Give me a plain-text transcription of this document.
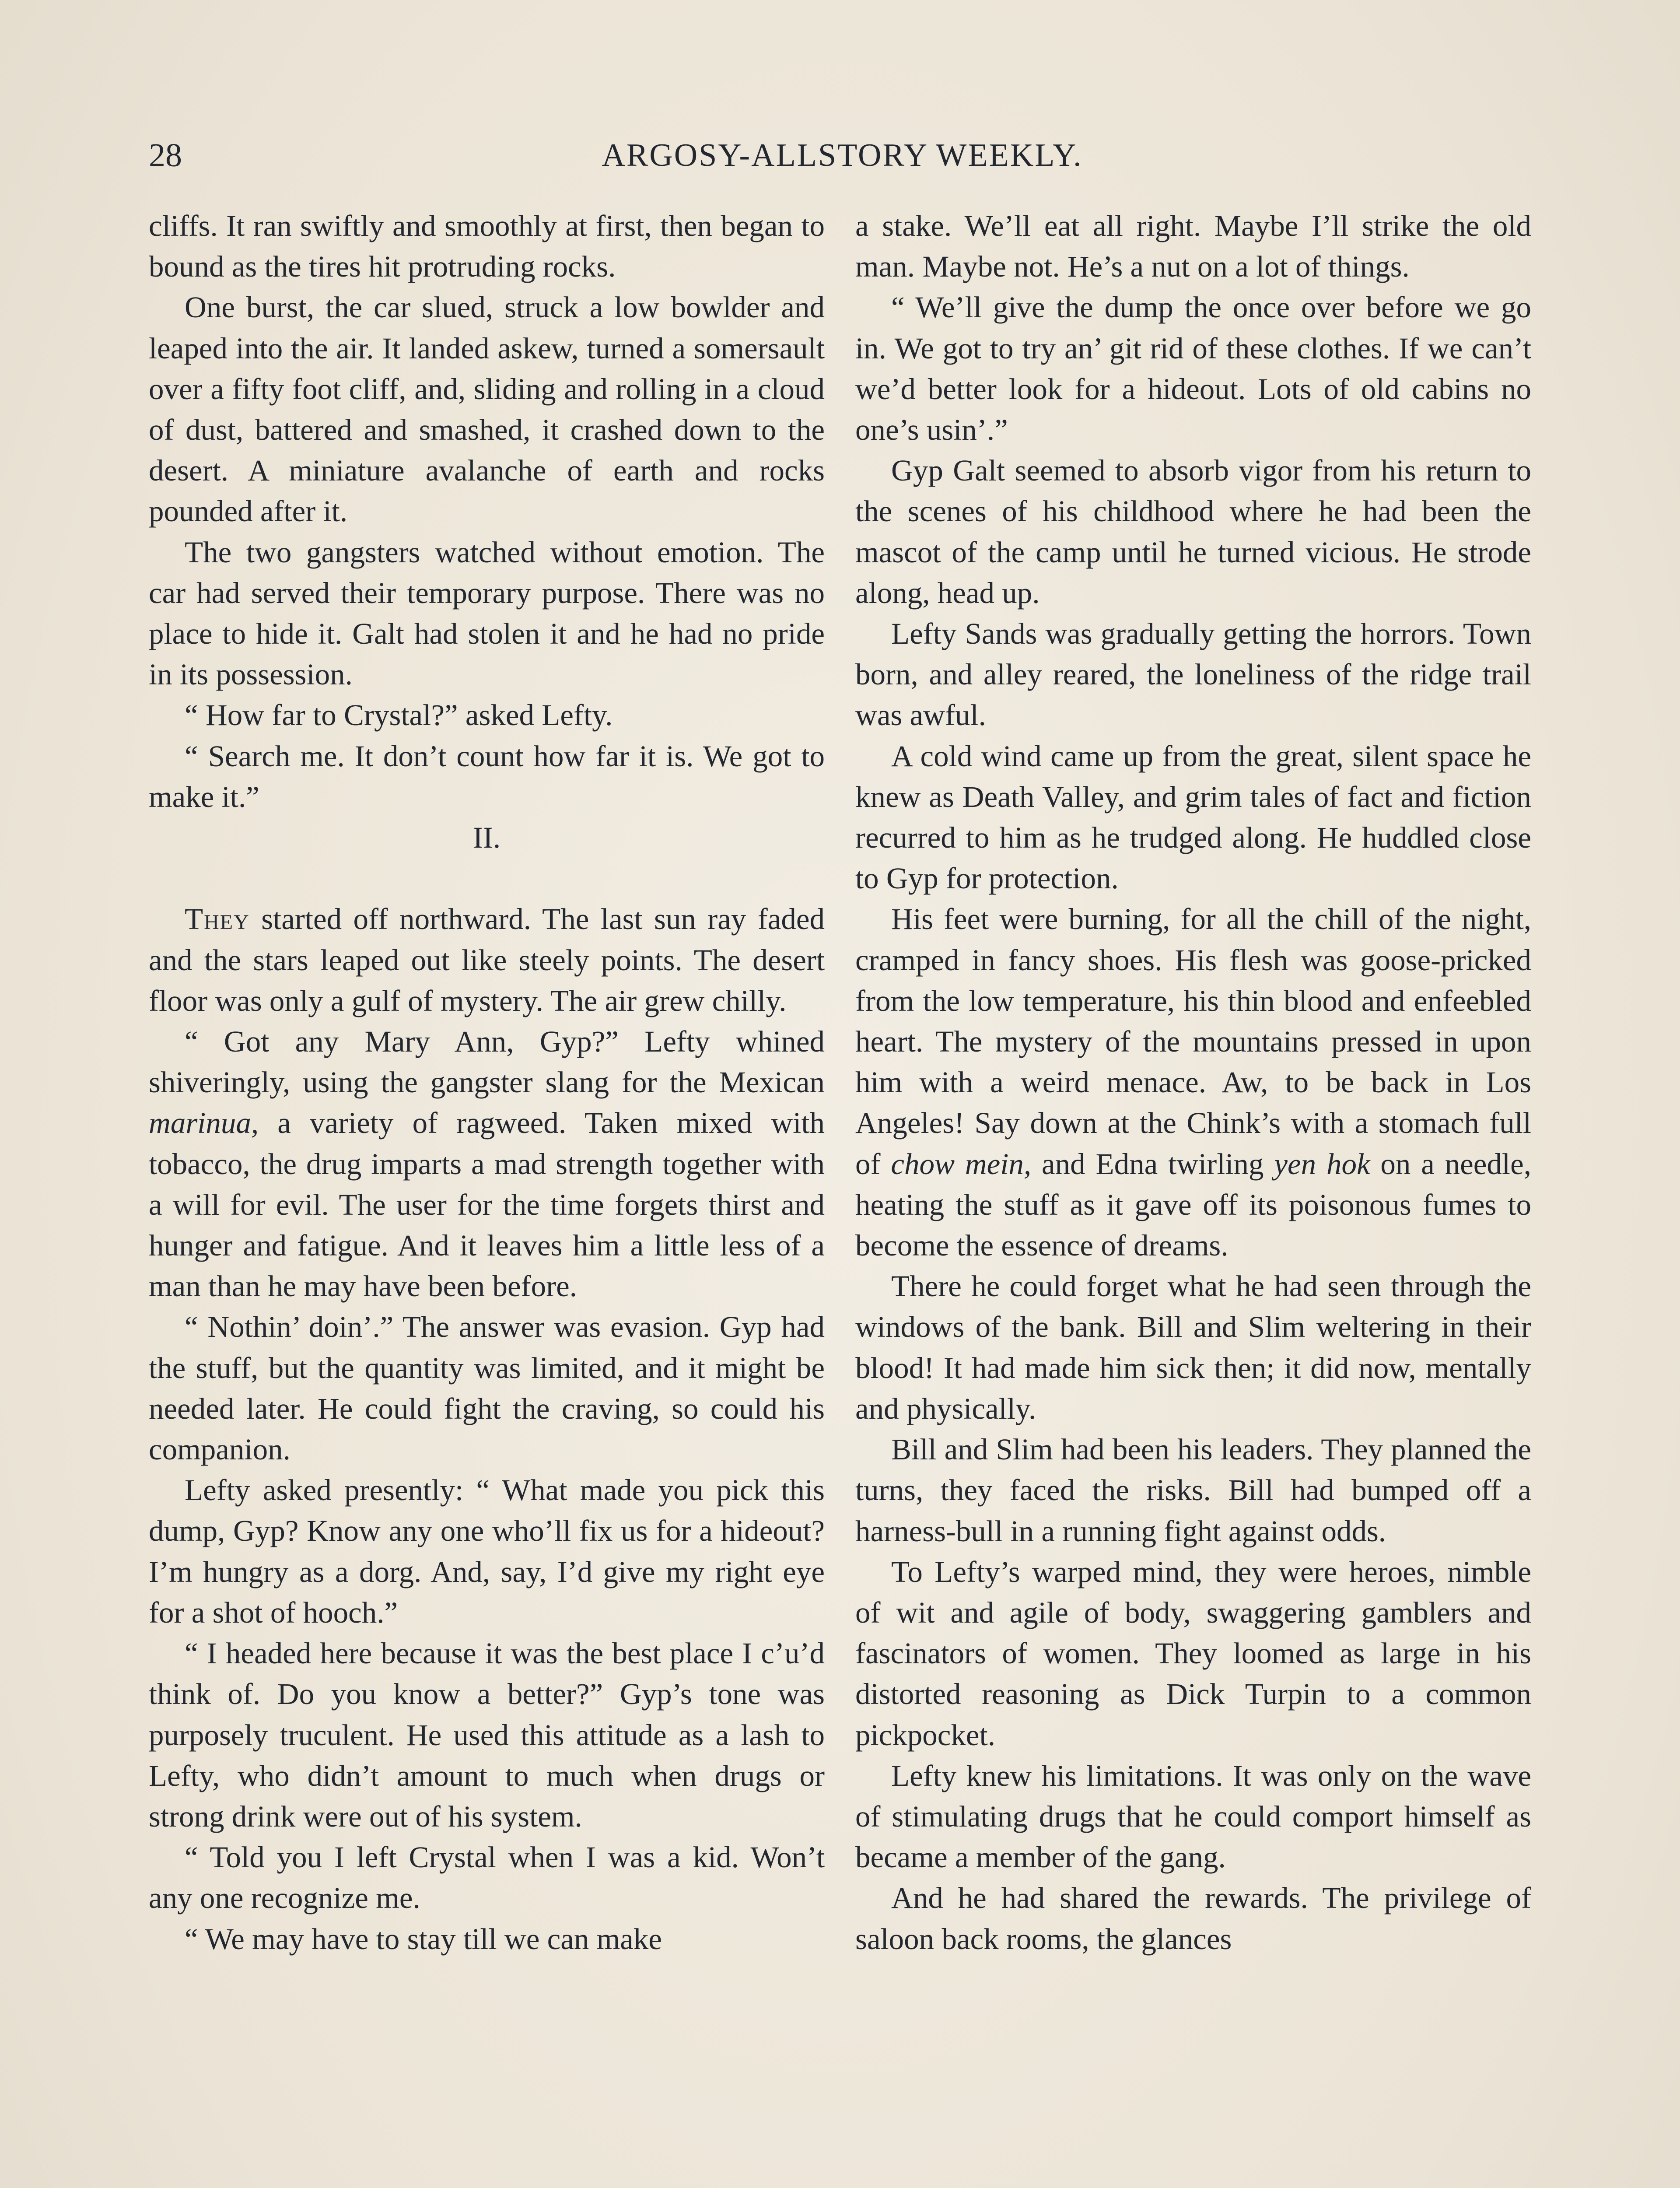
28	ARGOSY-ALLSTORY WEEKLY.

cliffs. It ran swiftly and smoothly at first, then began to bound as the tires hit protruding rocks.

One burst, the car slued, struck a low bowlder and leaped into the air. It landed askew, turned a somersault over a fifty foot cliff, and, sliding and rolling in a cloud of dust, battered and smashed, it crashed down to the desert. A miniature avalanche of earth and rocks pounded after it.

The two gangsters watched without emotion. The car had served their temporary purpose. There was no place to hide it. Galt had stolen it and he had no pride in its possession.

“ How far to Crystal?” asked Lefty.

“ Search me. It don’t count how far it is. We got to make it.”

II.

They started off northward. The last sun ray faded and the stars leaped out like steely points. The desert floor was only a gulf of mystery. The air grew chilly.

“ Got any Mary Ann, Gyp?” Lefty whined shiveringly, using the gangster slang for the Mexican marinua, a variety of ragweed. Taken mixed with tobacco, the drug imparts a mad strength together with a will for evil. The user for the time forgets thirst and hunger and fatigue. And it leaves him a little less of a man than he may have been before.

“ Nothin’ doin’.” The answer was evasion. Gyp had the stuff, but the quantity was limited, and it might be needed later. He could fight the craving, so could his companion.

Lefty asked presently: “ What made you pick this dump, Gyp? Know any one who’ll fix us for a hideout? I’m hungry as a dorg. And, say, I’d give my right eye for a shot of hooch.”

“ I headed here because it was the best place I c’u’d think of. Do you know a better?” Gyp’s tone was purposely truculent. He used this attitude as a lash to Lefty, who didn’t amount to much when drugs or strong drink were out of his system.

“ Told you I left Crystal when I was a kid. Won’t any one recognize me.

“ We may have to stay till we can make

a stake. We’ll eat all right. Maybe I’ll strike the old man. Maybe not. He’s a nut on a lot of things.

“ We’ll give the dump the once over before we go in. We got to try an’ git rid of these clothes. If we can’t we’d better look for a hideout. Lots of old cabins no one’s usin’.”

Gyp Galt seemed to absorb vigor from his return to the scenes of his childhood where he had been the mascot of the camp until he turned vicious. He strode along, head up.

Lefty Sands was gradually getting the horrors. Town born, and alley reared, the loneliness of the ridge trail was awful.

A cold wind came up from the great, silent space he knew as Death Valley, and grim tales of fact and fiction recurred to him as he trudged along. He huddled close to Gyp for protection.

His feet were burning, for all the chill of the night, cramped in fancy shoes. His flesh was goose-pricked from the low temperature, his thin blood and enfeebled heart. The mystery of the mountains pressed in upon him with a weird menace. Aw, to be back in Los Angeles! Say down at the Chink’s with a stomach full of chow mein, and Edna twirling yen hok on a needle, heating the stuff as it gave off its poisonous fumes to become the essence of dreams.

There he could forget what he had seen through the windows of the bank. Bill and Slim weltering in their blood! It had made him sick then; it did now, mentally and physically.

Bill and Slim had been his leaders. They planned the turns, they faced the risks. Bill had bumped off a harness-bull in a running fight against odds.

To Lefty’s warped mind, they were heroes, nimble of wit and agile of body, swaggering gamblers and fascinators of women. They loomed as large in his distorted reasoning as Dick Turpin to a common pickpocket.

Lefty knew his limitations. It was only on the wave of stimulating drugs that he could comport himself as became a member of the gang.

And he had shared the rewards. The privilege of saloon back rooms, the glances
